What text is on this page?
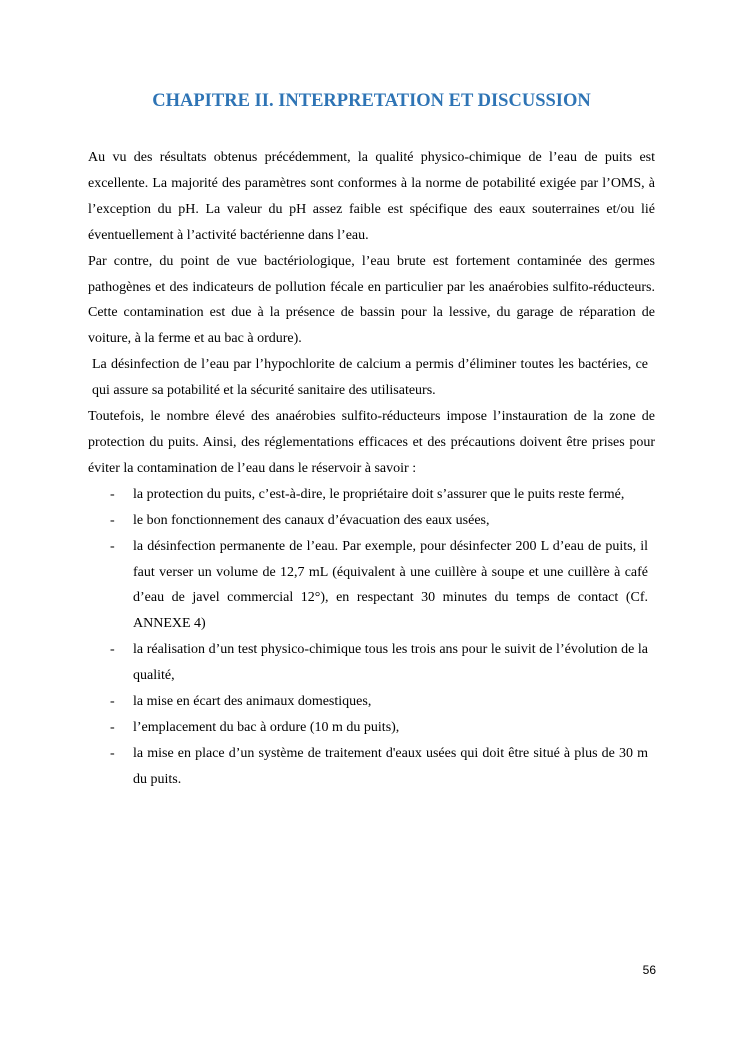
CHAPITRE II. INTERPRETATION ET DISCUSSION

Au vu des résultats obtenus précédemment, la qualité physico-chimique de l’eau de puits est excellente. La majorité des paramètres sont conformes à la norme de potabilité exigée par l’OMS, à l’exception du pH. La valeur du pH assez faible est spécifique des eaux souterraines et/ou lié éventuellement à l’activité bactérienne dans l’eau.

Par contre, du point de vue bactériologique, l’eau brute est fortement contaminée des germes pathogènes et des indicateurs de pollution fécale en particulier par les anaérobies sulfito-réducteurs. Cette contamination est due à la présence de bassin pour la lessive, du garage de réparation de voiture, à la ferme et au bac à ordure).

La désinfection de l’eau par l’hypochlorite de calcium a permis d’éliminer toutes les bactéries, ce qui assure sa potabilité et la sécurité sanitaire des utilisateurs.

Toutefois, le nombre élevé des anaérobies sulfito-réducteurs impose l’instauration de la zone de protection du puits. Ainsi, des réglementations efficaces et des précautions doivent être prises pour éviter la contamination de l’eau dans le réservoir à savoir :

- la protection du puits, c’est-à-dire, le propriétaire doit s’assurer que le puits reste fermé,
- le bon fonctionnement des canaux d’évacuation des eaux usées,
- la désinfection permanente de l’eau. Par exemple, pour désinfecter 200 L d’eau de puits, il faut verser un volume de 12,7 mL (équivalent à une cuillère à soupe et une cuillère à café d’eau de javel commercial 12°), en respectant 30 minutes du temps de contact (Cf. ANNEXE 4)
- la réalisation d’un test physico-chimique tous les trois ans pour le suivit de l’évolution de la qualité,
- la mise en écart des animaux domestiques,
- l’emplacement du bac à ordure (10 m du puits),
- la mise en place d’un système de traitement d'eaux usées qui doit être situé à plus de 30 m du puits.
56
